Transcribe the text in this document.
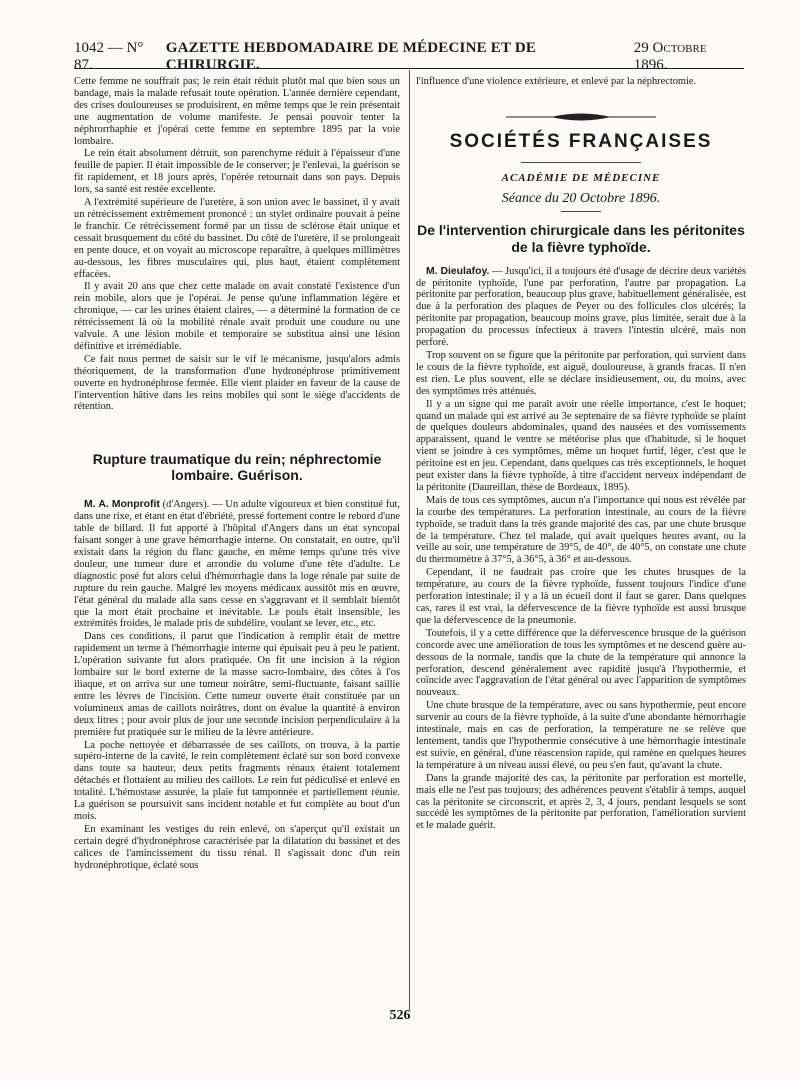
1042 — N° 87.
GAZETTE HEBDOMADAIRE DE MÉDECINE ET DE CHIRURGIE.
29 Octobre 1896.

Cette femme ne souffrait pas; le rein était réduit plutôt mal que bien sous un bandage, mais la malade refusait toute opération. L'année dernière cependant, des crises douloureuses se produisirent, en même temps que le rein présentait une augmentation de volume manifeste. Je pensai pouvoir tenter la néphrorrhaphie et j'opérai cette femme en septembre 1895 par la voie lombaire.

Le rein était absolument détruit, son parenchyme réduit à l'épaisseur d'une feuille de papier. Il était impossible de le conserver; je l'enlevai, la guérison se fit rapidement, et 18 jours après, l'opérée retournait dans son pays. Depuis lors, sa santé est restée excellente.

A l'extrémité supérieure de l'uretère, à son union avec le bassinet, il y avait un rétrécissement extrêmement prononcé : un stylet ordinaire pouvait à peine le franchir. Ce rétrécissement formé par un tissu de sclérose était unique et cessait brusquement du côté du bassinet. Du côté de l'uretère, il se prolongeait en pente douce, et on voyait au microscope reparaître, à quelques millimètres au-dessous, les fibres musculaires qui, plus haut, étaient complètement effacées.

Il y avait 20 ans que chez cette malade on avait constaté l'existence d'un rein mobile, alors que je l'opérai. Je pense qu'une inflammation légère et chronique, — car les urines étaient claires, — a déterminé la formation de ce rétrécissement là où la mobilité rénale avait produit une coudure ou une valvule. A une lésion mobile et temporaire se substitua ainsi une lésion définitive et irrémédiable.

Ce fait nous permet de saisir sur le vif le mécanisme, jusqu'alors admis théoriquement, de la transformation d'une hydronéphrose primitivement ouverte en hydronéphrose fermée. Elle vient plaider en faveur de la cause de l'intervention hâtive dans les reins mobiles qui sont le siège d'accidents de rétention.

Rupture traumatique du rein; néphrectomie lombaire. Guérison.

M. A. Monprofit (d'Angers). — Un adulte vigoureux et bien constitué fut, dans une rixe, et étant en état d'ébriété, pressé fortement contre le rebord d'une table de billard. Il fut apporté à l'hôpital d'Angers dans un état syncopal faisant songer à une grave hémorrhagie interne. On constatait, en outre, qu'il existait dans la région du flanc gauche, en même temps qu'une très vive douleur, une tumeur dure et arrondie du volume d'une tête d'adulte. Le diagnostic posé fut alors celui d'hémorrhagie dans la loge rénale par suite de rupture du rein gauche. Malgré les moyens médicaux aussitôt mis en œuvre, l'état général du malade alla sans cesse en s'aggravant et il semblait bientôt que la mort était prochaine et inévitable. Le pouls était insensible, les extrémités froides, le malade pris de subdélire, voulant se lever, etc., etc.

Dans ces conditions, il parut que l'indication à remplir était de mettre rapidement un terme à l'hémorrhagie interne qui épuisait peu à peu le patient. L'opération suivante fut alors pratiquée. On fit une incision à la région lombaire sur le bord externe de la masse sacro-lombaire, des côtes à l'os iliaque, et on arriva sur une tumeur noirâtre, semi-fluctuante, faisant saillie entre les lèvres de l'incision. Cette tumeur ouverte était constituée par un volumineux amas de caillots noirâtres, dont on évalue la quantité à environ deux litres ; pour avoir plus de jour une seconde incision perpendiculaire à la première fut pratiquée sur le milieu de la lèvre antérieure.

La poche nettoyée et débarrassée de ses caillots, on trouva, à la partie supéro-interne de la cavité, le rein complètement éclaté sur son bord convexe dans toute sa hauteur, deux petits fragments rénaux étaient totalement détachés et flottaient au milieu des caillots. Le rein fut pédiculisé et enlevé en totalité. L'hémostase assurée, la plaie fut tamponnée et partiellement réunie. La guérison se poursuivit sans incident notable et fut complète au bout d'un mois.

En examinant les vestiges du rein enlevé, on s'aperçut qu'il existait un certain degré d'hydronéphrose caractérisée par la dilatation du bassinet et des calices de l'amincissement du tissu rénal. Il s'agissait donc d'un rein hydronéphrotique, éclaté sous

l'influence d'une violence extérieure, et enlevé par la néphrectomie.

SOCIÉTÉS FRANÇAISES
ACADÉMIE DE MÉDECINE
Séance du 20 Octobre 1896.
De l'intervention chirurgicale dans les péritonites de la fièvre typhoïde.

M. Dieulafoy. — Jusqu'ici, il a toujours été d'usage de décrire deux variétés de péritonite typhoïde, l'une par perforation, l'autre par propagation. La péritonite par perforation, beaucoup plus grave, habituellement généralisée, est due à la perforation des plaques de Peyer ou des follicules clos ulcérés; la péritonite par propagation, beaucoup moins grave, plus limitée, serait due à la propagation du processus infectieux à travers l'intestin ulcéré, mais non perforé.

Trop souvent on se figure que la péritonite par perforation, qui survient dans le cours de la fièvre typhoïde, est aiguë, douloureuse, à grands fracas. Il n'en est rien. Le plus souvent, elle se déclare insidieusement, ou, du moins, avec des symptômes très atténués.

Il y a un signe qui me paraît avoir une réelle importance, c'est le hoquet; quand un malade qui est arrivé au 3e septenaire de sa fièvre typhoïde se plaint de quelques douleurs abdominales, quand des nausées et des vomissements apparaissent, quand le ventre se météorise plus que d'habitude, si le hoquet vient se joindre à ces symptômes, même un hoquet furtif, léger, c'est que le péritoine est en jeu. Cependant, dans quelques cas très exceptionnels, le hoquet peut exister dans la fièvre typhoïde, à titre d'accident nerveux indépendant de la péritonite (Daureillan, thèse de Bordeaux, 1895).

Mais de tous ces symptômes, aucun n'a l'importance qui nous est révélée par la courbe des températures. La perforation intestinale, au cours de la fièvre typhoïde, se traduit dans la très grande majorité des cas, par une chute brusque de la température. Chez tel malade, qui avait quelques heures avant, ou la veille au soir, une température de 39°5, de 40°, de 40°5, on constate une chute du thermomètre à 37°5, à 36°5, à 36° et au-dessous.

Cependant, il ne faudrait pas croire que les chutes brusques de la température, au cours de la fièvre typhoïde, fussent toujours l'indice d'une perforation intestinale; il y a là un écueil dont il faut se garer. Dans quelques cas, rares il est vrai, la défervescence de la fièvre typhoïde est aussi brusque que la défervescence de la pneumonie.

Toutefois, il y a cette différence que la défervescence brusque de la guérison concorde avec une amélioration de tous les symptômes et ne descend guère au-dessous de la normale, tandis que la chute de la température qui annonce la perforation, descend généralement avec rapidité jusqu'à l'hypothermie, et coïncide avec l'aggravation de l'état général ou avec l'apparition de symptômes nouveaux.

Une chute brusque de la température, avec ou sans hypothermie, peut encore survenir au cours de la fièvre typhoïde, à la suite d'une abondante hémorrhagie intestinale, mais en cas de perforation, la température ne se relève que lentement, tandis que l'hypothermie consécutive à une hémorrhagie intestinale est suivie, en général, d'une réascension rapide, qui ramène en quelques heures la température à un niveau aussi élevé, ou peu s'en faut, qu'avant la chute.

Dans la grande majorité des cas, la péritonite par perforation est mortelle, mais elle ne l'est pas toujours; des adhérences peuvent s'établir à temps, auquel cas la péritonite se circonscrit, et après 2, 3, 4 jours, pendant lesquels se sont succédé les symptômes de la péritonite par perforation, l'amélioration survient et le malade guérit.

526
